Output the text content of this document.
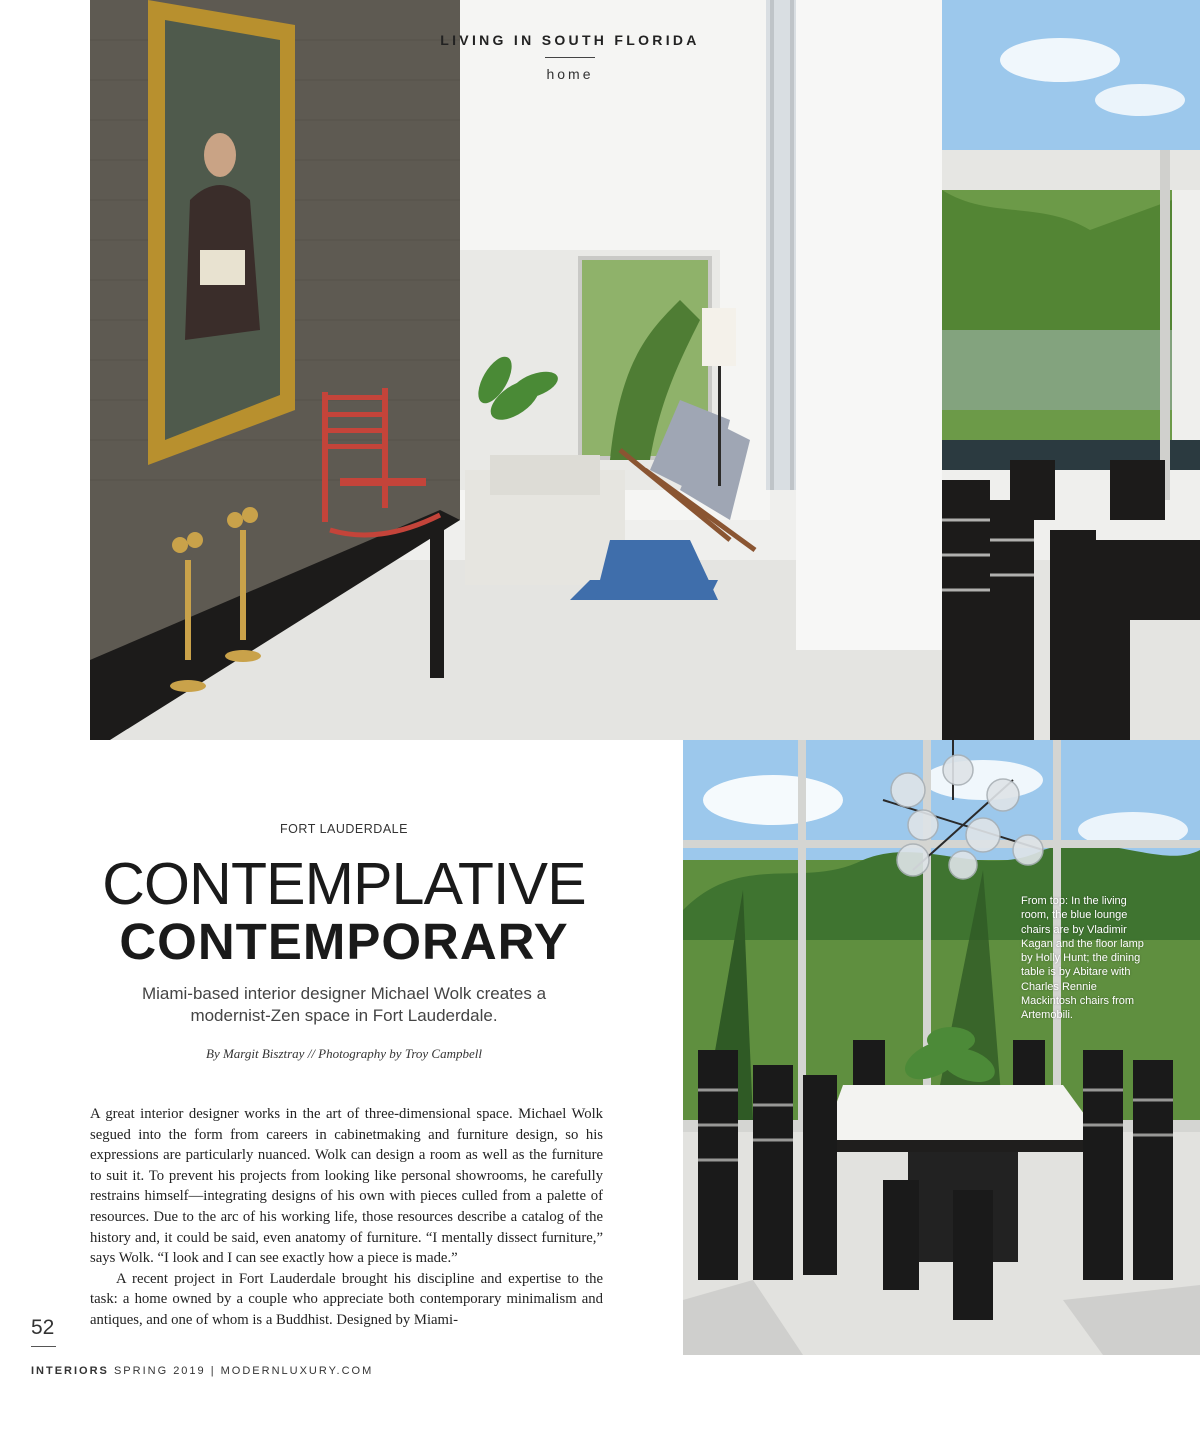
LIVING IN SOUTH FLORIDA
home
From top: In the living room, the blue lounge chairs are by Vladimir Kagan and the floor lamp by Holly Hunt; the dining table is by Abitare with Charles Rennie Mackintosh chairs from Artemobili.
FORT LAUDERDALE
CONTEMPLATIVE
CONTEMPORARY
Miami-based interior designer Michael Wolk creates a modernist-Zen space in Fort Lauderdale.
By Margit Bisztray // Photography by Troy Campbell

A great interior designer works in the art of three-dimensional space. Michael Wolk segued into the form from careers in cabinetmaking and furniture design, so his expressions are particularly nuanced. Wolk can design a room as well as the furniture to suit it. To prevent his projects from looking like personal showrooms, he carefully restrains himself—integrating designs of his own with pieces culled from a palette of resources. Due to the arc of his working life, those resources describe a catalog of the history and, it could be said, even anatomy of furniture. “I mentally dissect furniture,” says Wolk. “I look and I can see exactly how a piece is made.”

A recent project in Fort Lauderdale brought his discipline and expertise to the task: a home owned by a couple who appreciate both contemporary minimalism and antiques, and one of whom is a Buddhist. Designed by Miami-

52
INTERIORS SPRING 2019 | MODERNLUXURY.COM
